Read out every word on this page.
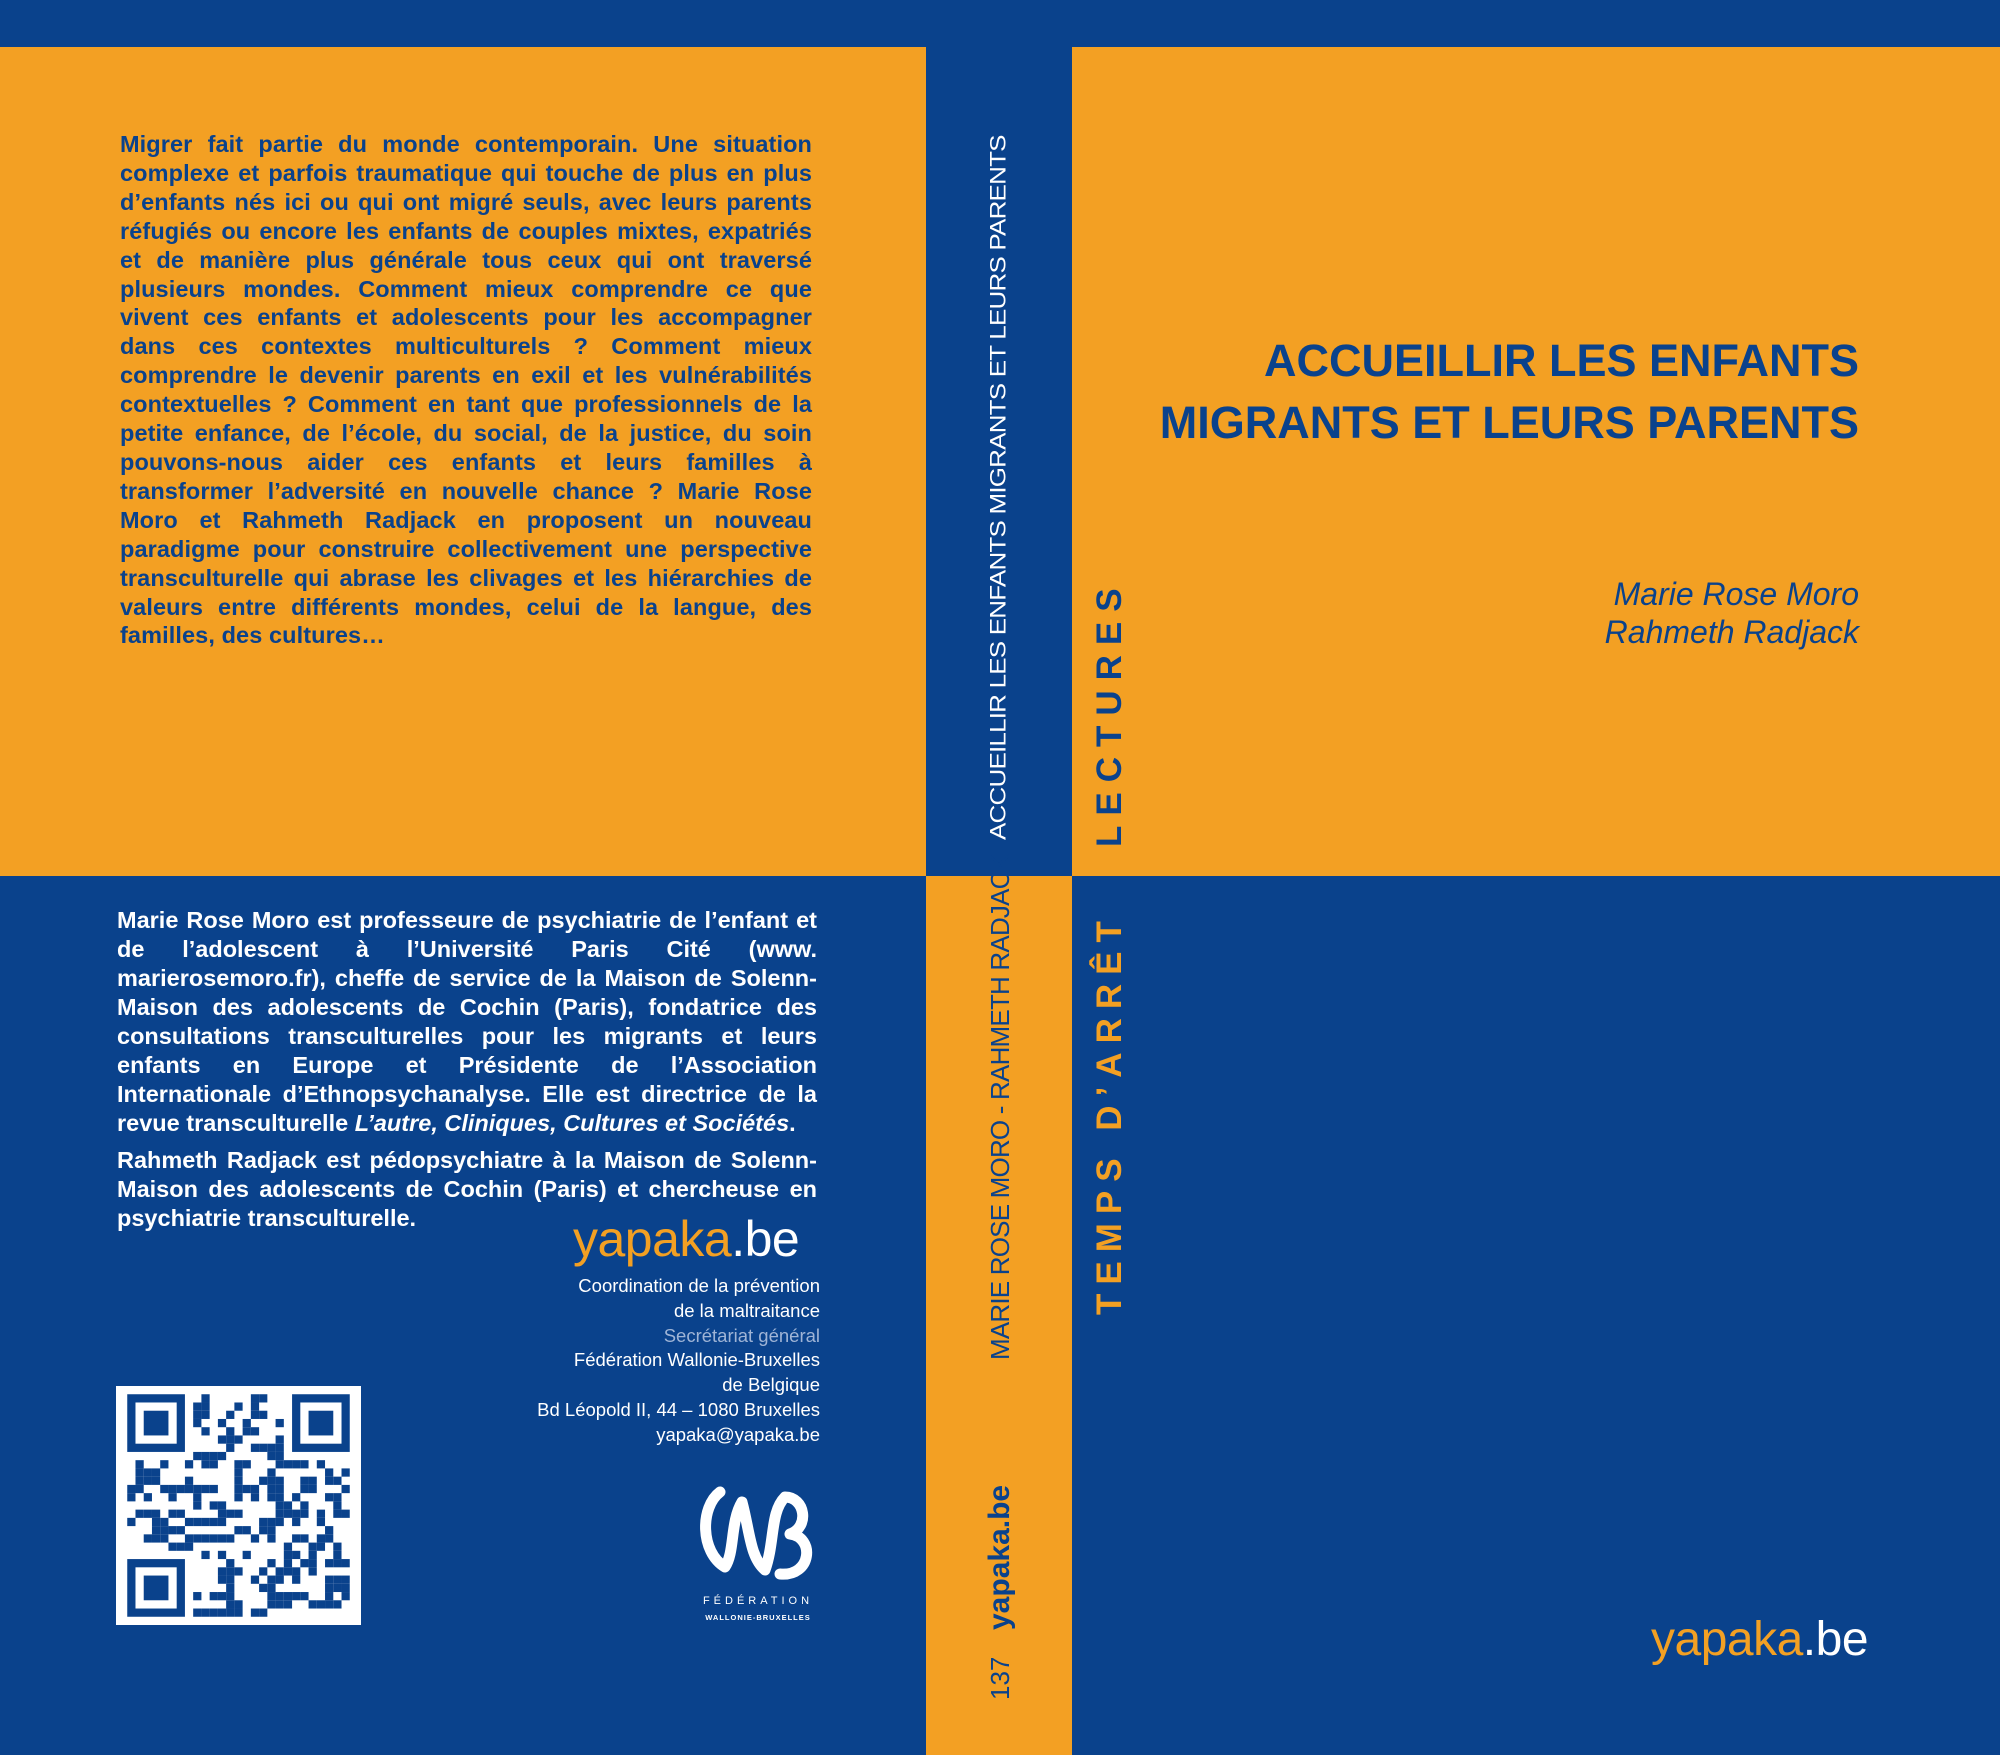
Migrer fait partie du monde contemporain. Une situation complexe et parfois traumatique qui touche de plus en plus d’enfants nés ici ou qui ont migré seuls, avec leurs parents réfugiés ou encore les enfants de couples mixtes, expatriés et de manière plus générale tous ceux qui ont traversé plusieurs mondes. Comment mieux comprendre ce que vivent ces enfants et adolescents pour les accompagner dans ces contextes multiculturels ? Comment mieux comprendre le devenir parents en exil et les vulnérabilités contextuelles ? Comment en tant que professionnels de la petite enfance, de l’école, du social, de la justice, du soin pouvons-nous aider ces enfants et leurs familles à transformer l’adversité en nouvelle chance ? Marie Rose Moro et Rahmeth Radjack en proposent un nouveau paradigme pour construire collectivement une perspective transculturelle qui abrase les clivages et les hiérarchies de valeurs entre différents mondes, celui de la langue, des familles, des cultures…

Marie Rose Moro est professeure de psychiatrie de l’enfant et de l’adolescent à l’Université Paris Cité (www. marierosemoro.fr), cheffe de service de la Maison de Solenn-Maison des adolescents de Cochin (Paris), fondatrice des consultations transculturelles pour les migrants et leurs enfants en Europe et Présidente de l’Association Internationale d’Ethnopsychanalyse. Elle est directrice de la revue transculturelle L’autre, Cliniques, Cultures et Sociétés.

Rahmeth Radjack est pédopsychiatre à la Maison de Solenn-Maison des adolescents de Cochin (Paris) et chercheuse en psychiatrie transculturelle.	yapaka.be
Coordination de la prévention
de la maltraitance
Secrétariat général
Fédération Wallonie-Bruxelles
de Belgique
Bd Léopold II, 44 – 1080 Bruxelles
yapaka@yapaka.be
FÉDÉRATION
WALLONIE-BRUXELLES
ACCUEILLIR LES ENFANTS MIGRANTS ET LEURS PARENTS
MARIE ROSE MORO - RAHMETH RADJACK
yapaka.be
137
LECTURES
TEMPS D’ARRÊT
ACCUEILLIR LES ENFANTS
MIGRANTS ET LEURS PARENTS
Marie Rose Moro
Rahmeth Radjack
yapaka.be
